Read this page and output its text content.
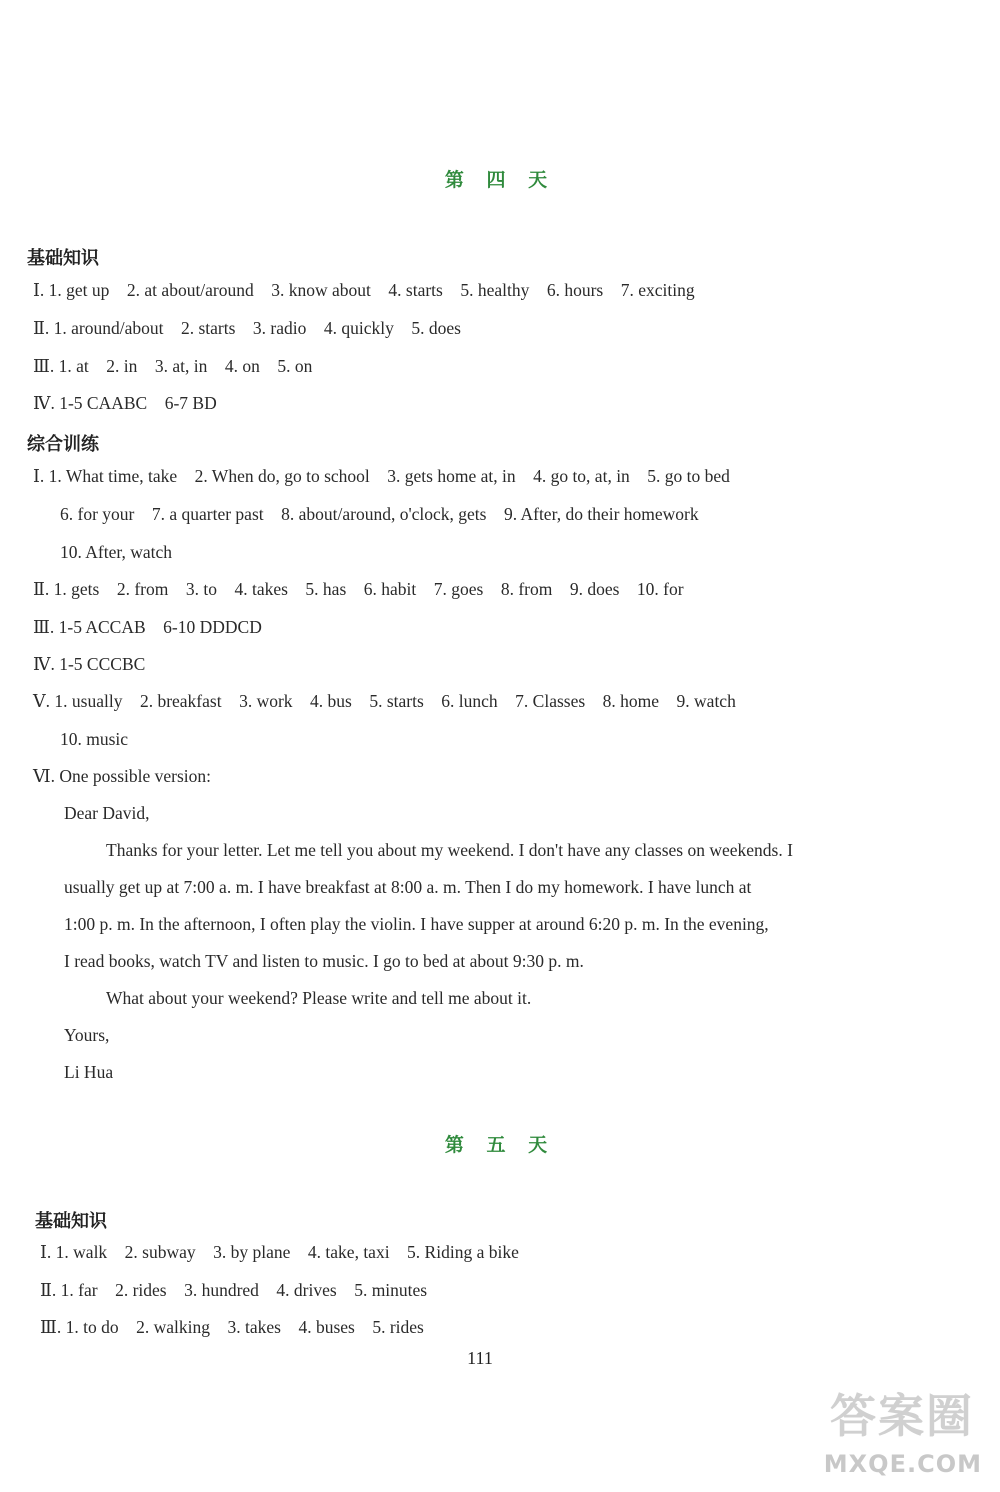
第 四 天
基础知识
Ⅰ. 1. get up    2. at about/around    3. know about    4. starts    5. healthy    6. hours    7. exciting
Ⅱ. 1. around/about    2. starts    3. radio    4. quickly    5. does
Ⅲ. 1. at    2. in    3. at, in    4. on    5. on
Ⅳ. 1-5 CAABC    6-7 BD
综合训练
Ⅰ. 1. What time, take    2. When do, go to school    3. gets home at, in    4. go to, at, in    5. go to bed
6. for your    7. a quarter past    8. about/around, o'clock, gets    9. After, do their homework
10. After, watch
Ⅱ. 1. gets    2. from    3. to    4. takes    5. has    6. habit    7. goes    8. from    9. does    10. for
Ⅲ. 1-5 ACCAB    6-10 DDDCD
Ⅳ. 1-5 CCCBC
Ⅴ. 1. usually    2. breakfast    3. work    4. bus    5. starts    6. lunch    7. Classes    8. home    9. watch
10. music
Ⅵ. One possible version:

Dear David,

Thanks for your letter. Let me tell you about my weekend. I don't have any classes on weekends. I

usually get up at 7:00 a. m. I have breakfast at 8:00 a. m. Then I do my homework. I have lunch at

1:00 p. m. In the afternoon, I often play the violin. I have supper at around 6:20 p. m. In the evening,

I read books, watch TV and listen to music. I go to bed at about 9:30 p. m.

What about your weekend? Please write and tell me about it.

Yours,

Li Hua

第 五 天
基础知识
Ⅰ. 1. walk    2. subway    3. by plane    4. take, taxi    5. Riding a bike
Ⅱ. 1. far    2. rides    3. hundred    4. drives    5. minutes
Ⅲ. 1. to do    2. walking    3. takes    4. buses    5. rides
111
答案圈
MXQE.COM
